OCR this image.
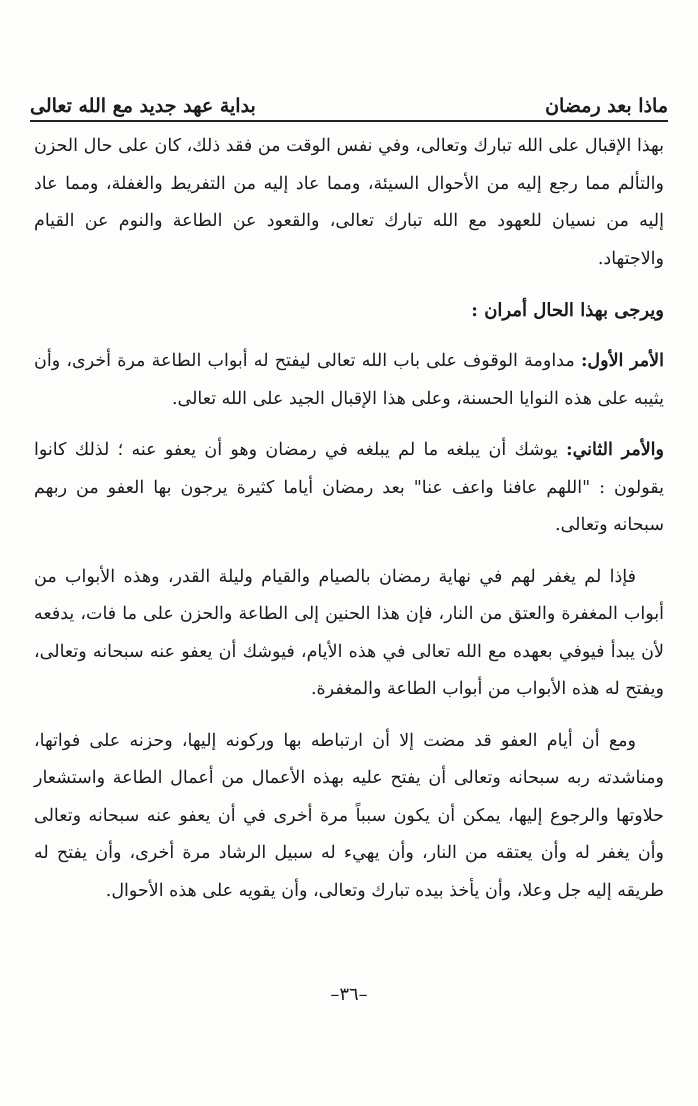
ماذا بعد رمضان
بداية عهد جديد مع الله تعالى

بهذا الإقبال على الله تبارك وتعالى، وفي نفس الوقت من فقد ذلك، كان على حال الحزن والتألم مما رجع إليه من الأحوال السيئة، ومما عاد إليه من التفريط والغفلة، ومما عاد إليه من نسيان للعهود مع الله تبارك تعالى، والقعود عن الطاعة والنوم عن القيام والاجتهاد.

ويرجى بهذا الحال أمران :

الأمر الأول: مداومة الوقوف على باب الله تعالى ليفتح له أبواب الطاعة مرة أخرى، وأن يثيبه على هذه النوايا الحسنة، وعلى هذا الإقبال الجيد على الله تعالى.

والأمر الثاني: يوشك أن يبلغه ما لم يبلغه في رمضان وهو أن يعفو عنه ؛ لذلك كانوا يقولون : "اللهم عافنا واعف عنا" بعد رمضان أياما كثيرة يرجون بها العفو من ربهم سبحانه وتعالى.

فإذا لم يغفر لهم في نهاية رمضان بالصيام والقيام وليلة القدر، وهذه الأبواب من أبواب المغفرة والعتق من النار، فإن هذا الحنين إلى الطاعة والحزن على ما فات، يدفعه لأن يبدأ فيوفي بعهده مع الله تعالى في هذه الأيام، فيوشك أن يعفو عنه سبحانه وتعالى، ويفتح له هذه الأبواب من أبواب الطاعة والمغفرة.

ومع أن أيام العفو قد مضت إلا أن ارتباطه بها وركونه إليها، وحزنه على فواتها، ومناشدته ربه سبحانه وتعالى أن يفتح عليه بهذه الأعمال من أعمال الطاعة واستشعار حلاوتها والرجوع إليها، يمكن أن يكون سبباً مرة أخرى في أن يعفو عنه سبحانه وتعالى وأن يغفر له وأن يعتقه من النار، وأن يهيء له سبيل الرشاد مرة أخرى، وأن يفتح له طريقه إليه جل وعلا، وأن يأخذ بيده تبارك وتعالى، وأن يقويه على هذه الأحوال.

–٣٦–
